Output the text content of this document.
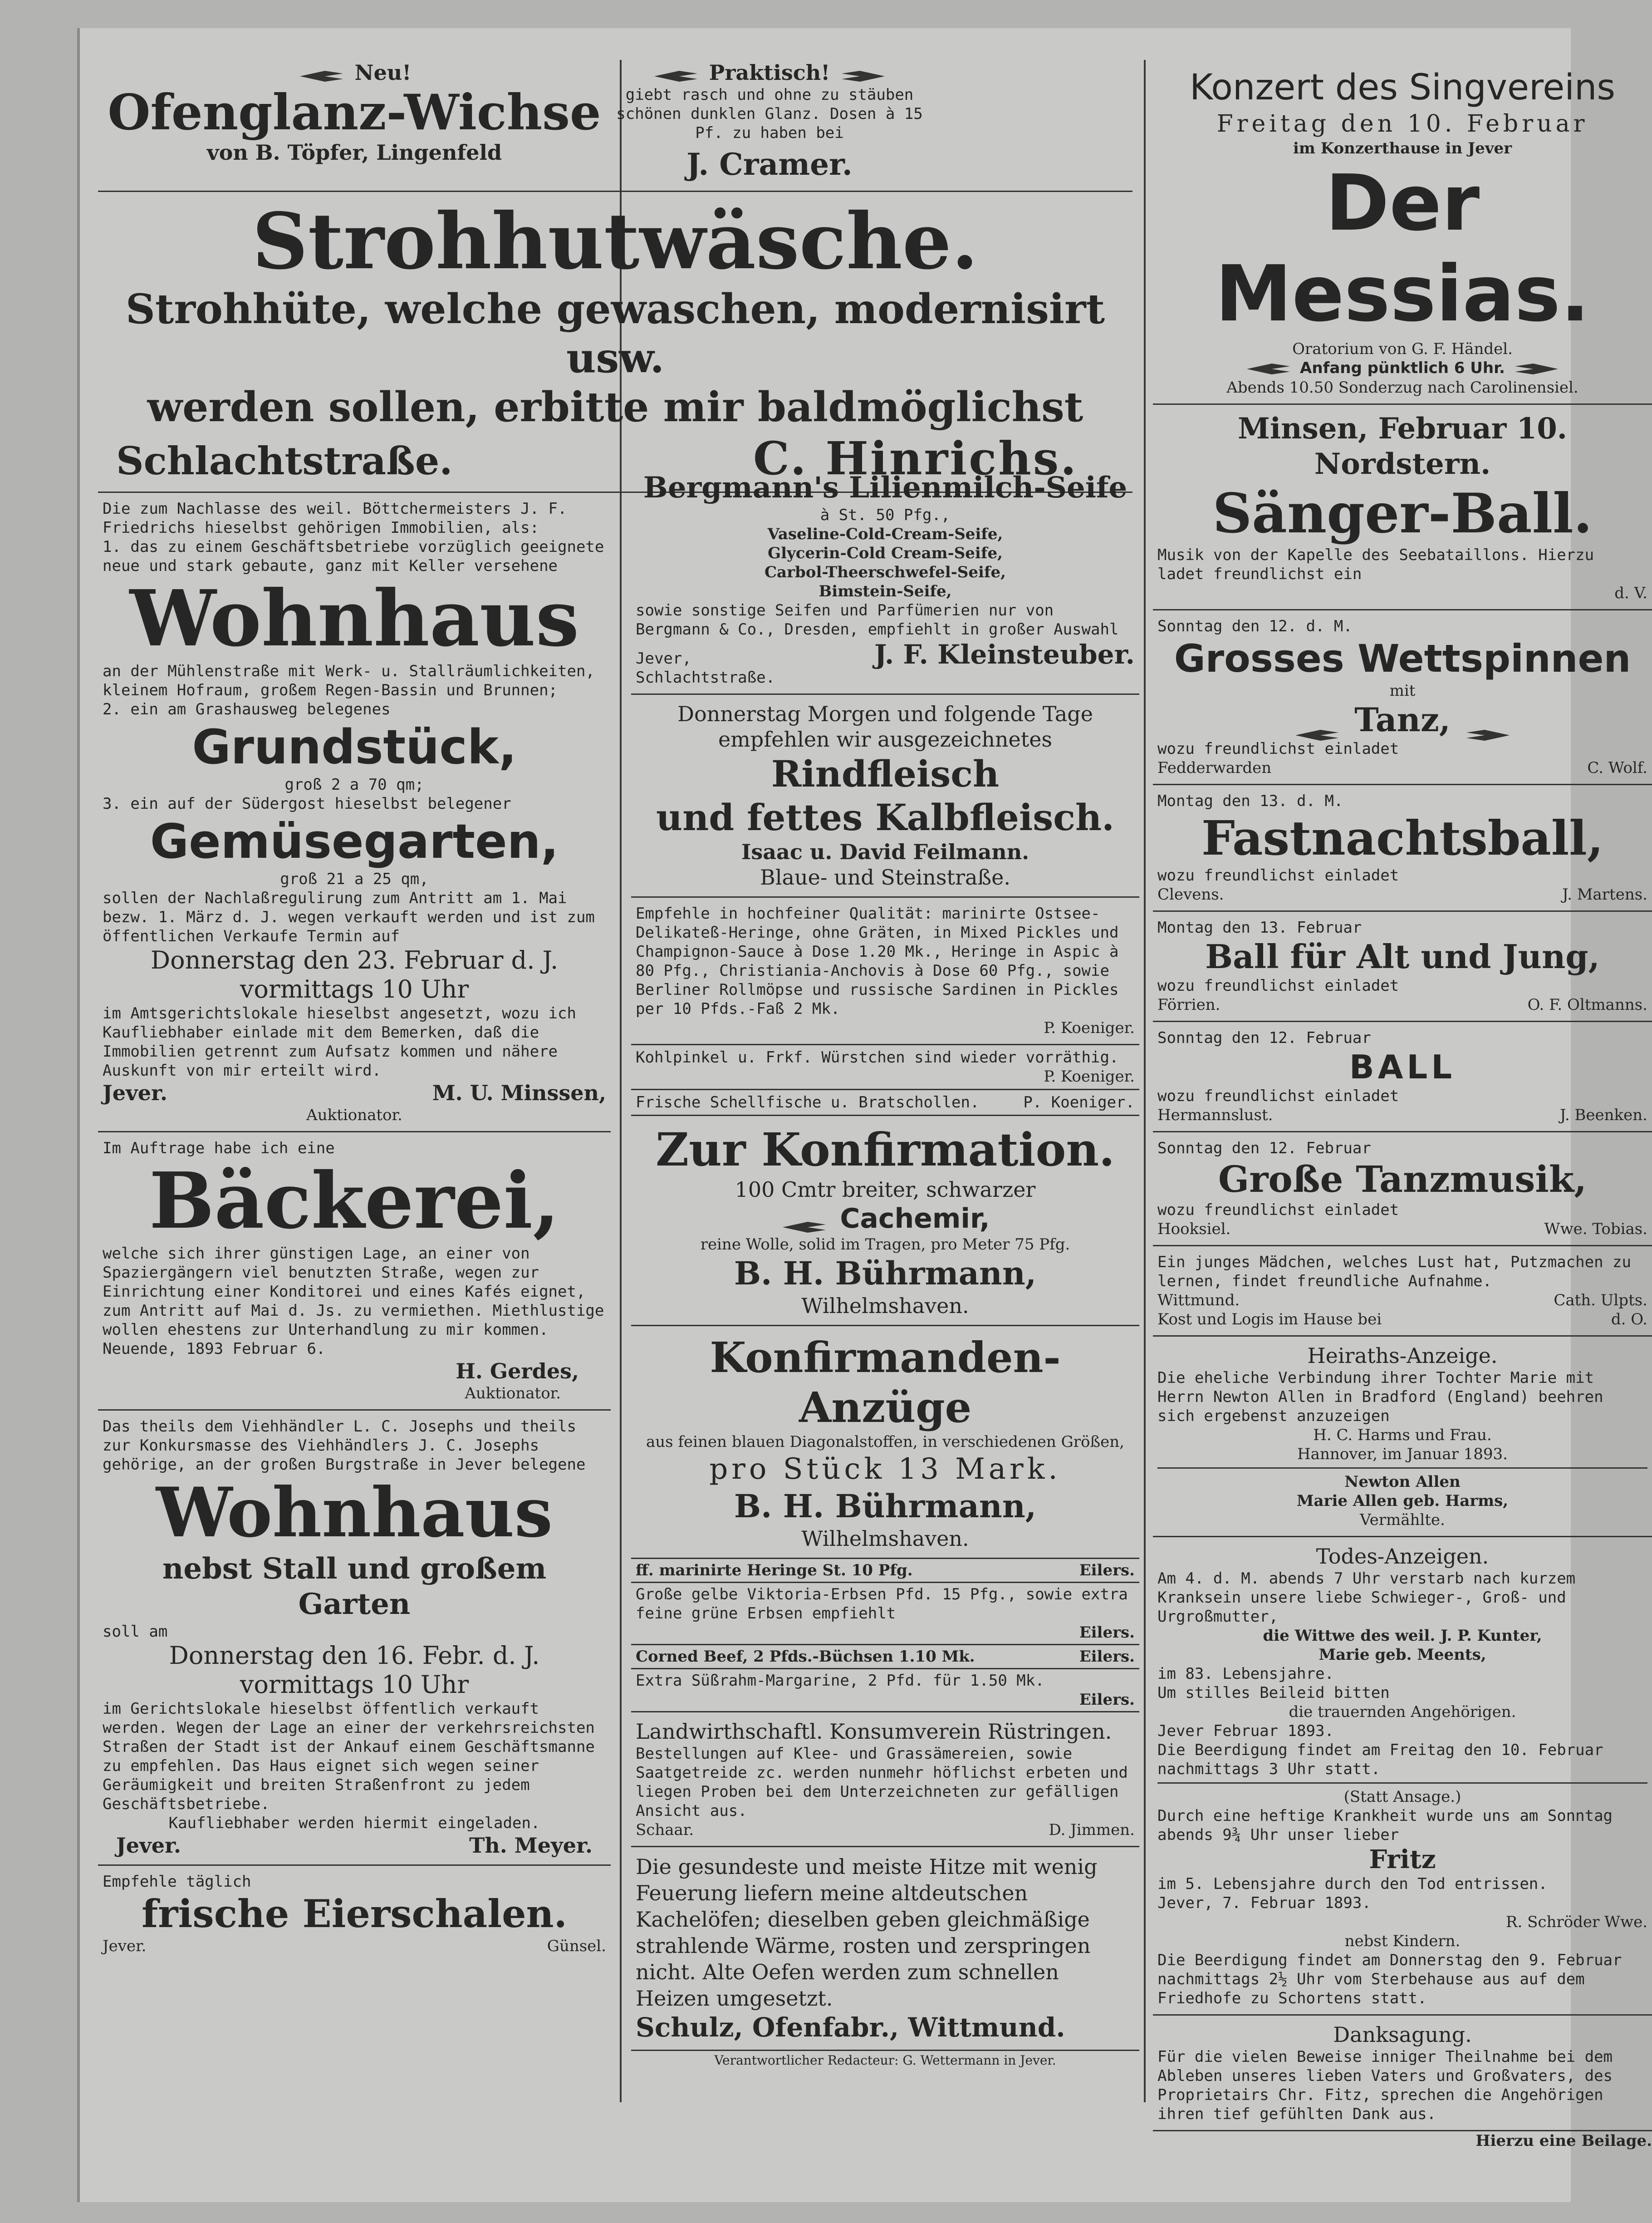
Neu!
Ofenglanz-Wichse
von B. Töpfer, Lingenfeld
Praktisch!
giebt rasch und ohne zu stäuben schönen dunklen Glanz. Dosen à 15 Pf. zu haben bei
J. Cramer.
Strohhutwäsche.
Strohhüte, welche gewaschen, modernisirt usw.
werden sollen, erbitte mir baldmöglichst
Schlachtstraße.	C. Hinrichs.
Die zum Nachlasse des weil. Böttchermeisters J. F. Friedrichs hieselbst gehörigen Immobilien, als:
1. das zu einem Geschäftsbetriebe vorzüglich geeignete neue und stark gebaute, ganz mit Keller versehene
Wohnhaus
an der Mühlenstraße mit Werk- u. Stallräumlichkeiten, kleinem Hofraum, großem Regen-Bassin und Brunnen;
2. ein am Grashausweg belegenes
Grundstück,
groß 2 a 70 qm;
3. ein auf der Südergost hieselbst belegener
Gemüsegarten,
groß 21 a 25 qm,
sollen der Nachlaßregulirung zum Antritt am 1. Mai bezw. 1. März d. J. wegen verkauft werden und ist zum öffentlichen Verkaufe Termin auf
Donnerstag den 23. Februar d. J.
vormittags 10 Uhr
im Amtsgerichtslokale hieselbst angesetzt, wozu ich Kaufliebhaber einlade mit dem Bemerken, daß die Immobilien getrennt zum Aufsatz kommen und nähere Auskunft von mir erteilt wird.
Jever.	M. U. Minssen,
Auktionator.
Im Auftrage habe ich eine
Bäckerei,
welche sich ihrer günstigen Lage, an einer von Spaziergängern viel benutzten Straße, wegen zur Einrichtung einer Konditorei und eines Kafés eignet, zum Antritt auf Mai d. Js. zu vermiethen. Miethlustige wollen ehestens zur Unterhandlung zu mir kommen.
Neuende, 1893 Februar 6.
H. Gerdes,
Auktionator.
Das theils dem Viehhändler L. C. Josephs und theils zur Konkursmasse des Viehhändlers J. C. Josephs gehörige, an der großen Burgstraße in Jever belegene
Wohnhaus
nebst Stall und großem Garten
soll am
Donnerstag den 16. Febr. d. J.
vormittags 10 Uhr
im Gerichtslokale hieselbst öffentlich verkauft werden. Wegen der Lage an einer der verkehrsreichsten Straßen der Stadt ist der Ankauf einem Geschäftsmanne zu empfehlen. Das Haus eignet sich wegen seiner Geräumigkeit und breiten Straßenfront zu jedem Geschäftsbetriebe.
Kaufliebhaber werden hiermit eingeladen.
Jever.	Th. Meyer.
Empfehle täglich
frische Eierschalen.
Jever.	Günsel.
Bergmann's Lilienmilch-Seife
à St. 50 Pfg.,
Vaseline-Cold-Cream-Seife,
Glycerin-Cold Cream-Seife,
Carbol-Theerschwefel-Seife,
Bimstein-Seife,
sowie sonstige Seifen und Parfümerien nur von Bergmann & Co., Dresden, empfiehlt in großer Auswahl
Jever, Schlachtstraße.
J. F. Kleinsteuber.
Donnerstag Morgen und folgende Tage empfehlen wir ausgezeichnetes
Rindfleisch
und fettes Kalbfleisch.
Isaac u. David Feilmann.
Blaue- und Steinstraße.
Empfehle in hochfeiner Qualität: marinirte Ostsee-Delikateß-Heringe, ohne Gräten, in Mixed Pickles und Champignon-Sauce à Dose 1.20 Mk., Heringe in Aspic à 80 Pfg., Christiania-Anchovis à Dose 60 Pfg., sowie Berliner Rollmöpse und russische Sardinen in Pickles per 10 Pfds.-Faß 2 Mk.
P. Koeniger.
Kohlpinkel u. Frkf. Würstchen sind wieder vorräthig.
P. Koeniger.
Frische Schellfische u. Bratschollen.	P. Koeniger.
Zur Konfirmation.
100 Cmtr breiter, schwarzer
Cachemir,
reine Wolle, solid im Tragen, pro Meter 75 Pfg.
B. H. Bührmann,
Wilhelmshaven.
Konfirmanden-Anzüge
aus feinen blauen Diagonalstoffen, in verschiedenen Größen,
pro Stück 13 Mark.
B. H. Bührmann,
Wilhelmshaven.
ff. marinirte Heringe St. 10 Pfg.	Eilers.
Große gelbe Viktoria-Erbsen Pfd. 15 Pfg., sowie extra feine grüne Erbsen empfiehlt
Eilers.
Corned Beef, 2 Pfds.-Büchsen 1.10 Mk.	Eilers.
Extra Süßrahm-Margarine, 2 Pfd. für 1.50 Mk.
Eilers.
Landwirthschaftl. Konsumverein Rüstringen.
Bestellungen auf Klee- und Grassämereien, sowie Saatgetreide zc. werden nunmehr höflichst erbeten und liegen Proben bei dem Unterzeichneten zur gefälligen Ansicht aus.
Schaar.	D. Jimmen.
Die gesundeste und meiste Hitze mit wenig Feuerung liefern meine altdeutschen Kachelöfen; dieselben geben gleichmäßige strahlende Wärme, rosten und zerspringen nicht. Alte Oefen werden zum schnellen Heizen umgesetzt.
Schulz, Ofenfabr., Wittmund.
Verantwortlicher Redacteur: G. Wettermann in Jever.
Konzert des Singvereins
Freitag den 10. Februar
im Konzerthause in Jever
Der Messias.
Oratorium von G. F. Händel.
Anfang pünktlich 6 Uhr.
Abends 10.50 Sonderzug nach Carolinensiel.
Minsen, Februar 10.
Nordstern.
Sänger-Ball.
Musik von der Kapelle des Seebataillons. Hierzu ladet freundlichst ein
d. V.
Sonntag den 12. d. M.
Grosses Wettspinnen
mit
Tanz,
wozu freundlichst einladet
Fedderwarden	C. Wolf.
Montag den 13. d. M.
Fastnachtsball,
wozu freundlichst einladet
Clevens.	J. Martens.
Montag den 13. Februar
Ball für Alt und Jung,
wozu freundlichst einladet
Förrien.	O. F. Oltmanns.
Sonntag den 12. Februar
BALL
wozu freundlichst einladet
Hermannslust.	J. Beenken.
Sonntag den 12. Februar
Große Tanzmusik,
wozu freundlichst einladet
Hooksiel.	Wwe. Tobias.
Ein junges Mädchen, welches Lust hat, Putzmachen zu lernen, findet freundliche Aufnahme.
Wittmund.	Cath. Ulpts.
Kost und Logis im Hause bei	d. O.
Heiraths-Anzeige.
Die eheliche Verbindung ihrer Tochter Marie mit Herrn Newton Allen in Bradford (England) beehren sich ergebenst anzuzeigen
H. C. Harms und Frau.
Hannover, im Januar 1893.
Newton Allen
Marie Allen geb. Harms,
Vermählte.
Todes-Anzeigen.
Am 4. d. M. abends 7 Uhr verstarb nach kurzem Kranksein unsere liebe Schwieger-, Groß- und Urgroßmutter,
die Wittwe des weil. J. P. Kunter,
Marie geb. Meents,
im 83. Lebensjahre.
Um stilles Beileid bitten
die trauernden Angehörigen.
Jever Februar 1893.
Die Beerdigung findet am Freitag den 10. Februar nachmittags 3 Uhr statt.
(Statt Ansage.)
Durch eine heftige Krankheit wurde uns am Sonntag abends 9¾ Uhr unser lieber
Fritz
im 5. Lebensjahre durch den Tod entrissen.
Jever, 7. Februar 1893.
R. Schröder Wwe.
nebst Kindern.
Die Beerdigung findet am Donnerstag den 9. Februar nachmittags 2½ Uhr vom Sterbehause aus auf dem Friedhofe zu Schortens statt.
Danksagung.
Für die vielen Beweise inniger Theilnahme bei dem Ableben unseres lieben Vaters und Großvaters, des Proprietairs Chr. Fitz, sprechen die Angehörigen ihren tief gefühlten Dank aus.
Hierzu eine Beilage.
